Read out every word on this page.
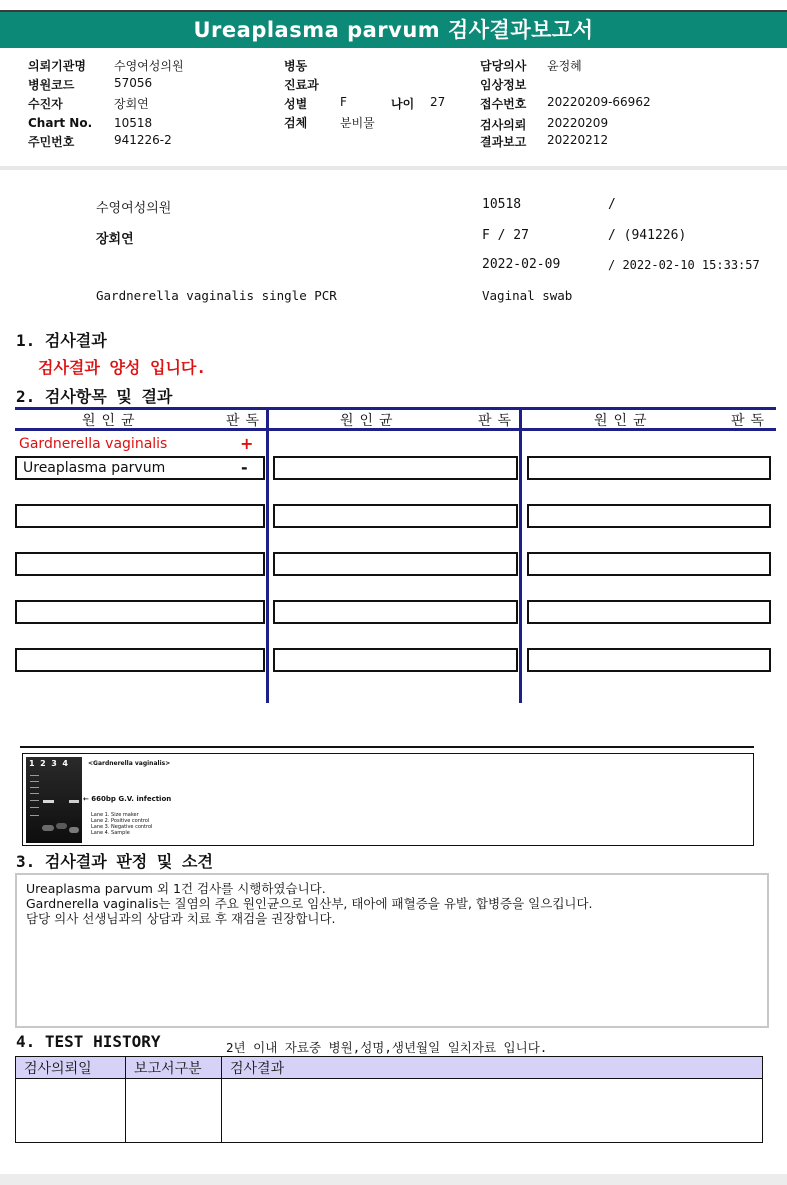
Ureaplasma parvum 검사결과보고서
의뢰기관명 수영여성의원
병원코드	57056
수진자	장회연
Chart No. 10518
주민번호	941226-2
병동
진료과
성별	F	나이 27
검체	분비물
담당의사 윤정혜
임상정보
접수번호 20220209-66962
검사의뢰 20220209
결과보고 20220212
수영여성의원	10518	/
장회연	F / 27	/ (941226)
2022-02-09	/ 2022-02-10 15:33:57
Gardnerella vaginalis single PCR	Vaginal swab
1. 검사결과
검사결과 양성 입니다.
2. 검사항목 및 결과
원인균	판독	원인균	판독	원인균	판독
Gardnerella vaginalis	+
Ureaplasma parvum	-
1  2  3  4	<Gardnerella vaginalis>
← 660bp G.V. infection
Lane 1. Size maker
Lane 2. Positive control
Lane 3. Negative control
Lane 4. Sample
3. 검사결과 판정 및 소견
Ureaplasma parvum 외 1건 검사를 시행하였습니다.
Gardnerella vaginalis는 질염의 주요 원인균으로 임산부, 태아에 패혈증을 유발, 합병증을 일으킵니다.
담당 의사 선생님과의 상담과 치료 후 재검을 권장합니다.
4. TEST HISTORY	2년 이내 자료중 병원,성명,생년월일 일치자료 입니다.
검사의뢰일	보고서구분	검사결과
